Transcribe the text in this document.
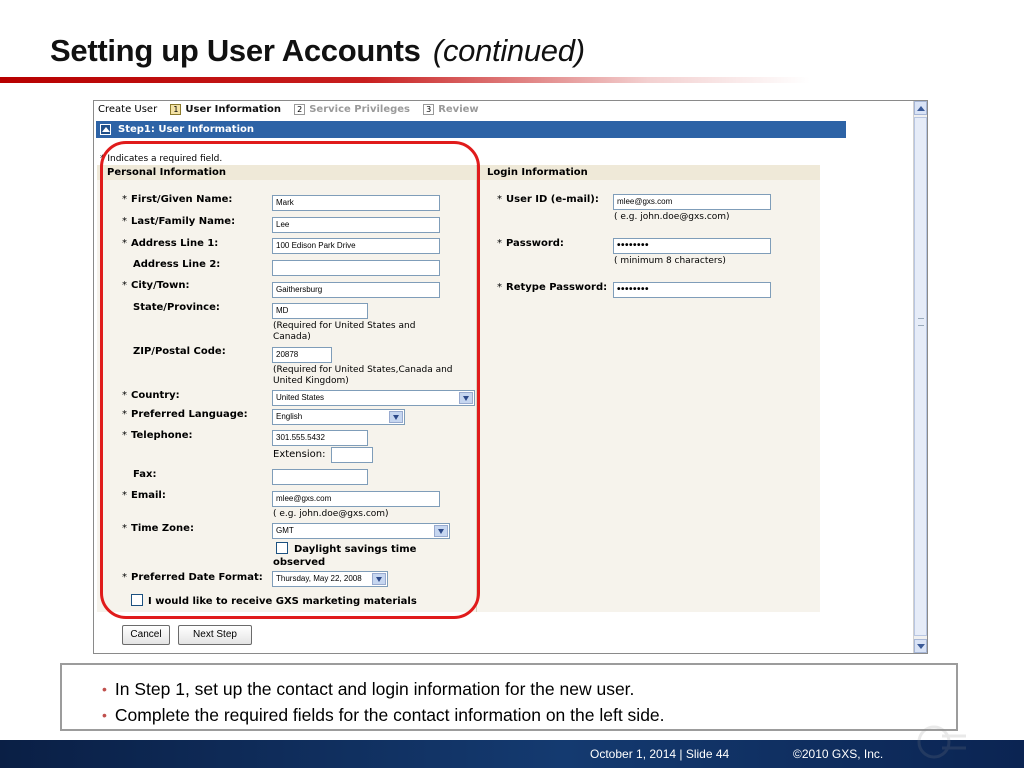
Setting up User Accounts (continued)
Create User 1 User Information 2 Service Privileges 3 Review
Step1: User Information
* Indicates a required field.
Personal Information	Login Information
* First/Given Name:	Mark
* Last/Family Name:	Lee
* Address Line 1:	100 Edison Park Drive
Address Line 2:
* City/Town:	Gaithersburg
State/Province:	MD
(Required for United States and
Canada)
ZIP/Postal Code:	20878
(Required for United States,Canada and
United Kingdom)
* Country:	United States
* Preferred Language:	English
* Telephone:	301.555.5432
Extension:
Fax:
* Email:	mlee@gxs.com
( e.g. john.doe@gxs.com)
* Time Zone:	GMT
Daylight savings time
observed
* Preferred Date Format:	Thursday, May 22, 2008
I would like to receive GXS marketing materials
* User ID (e-mail):	mlee@gxs.com
( e.g. john.doe@gxs.com)
* Password:	••••••••
( minimum 8 characters)
* Retype Password: ••••••••
Cancel	Next Step
• In Step 1, set up the contact and login information for the new user.
• Complete the required fields for the contact information on the left side.
October 1, 2014 | Slide 44	©2010 GXS, Inc.
